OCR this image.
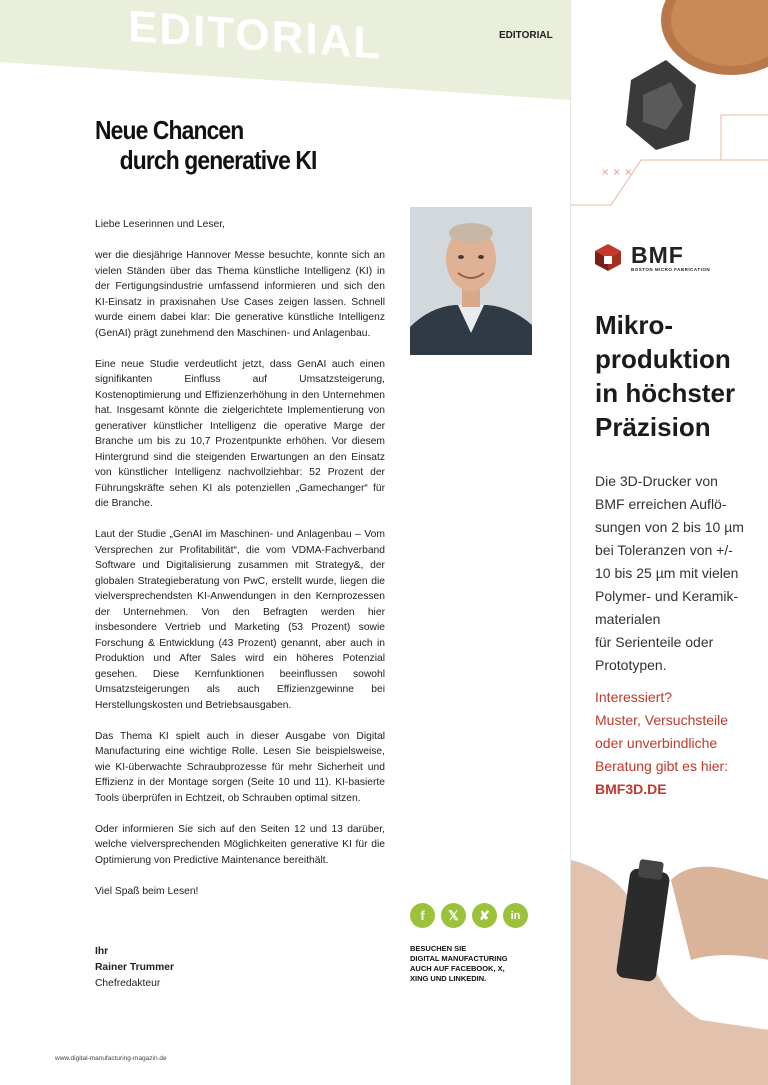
EDITORIAL	EDITORIAL
Neue Chancen
durch generative KI

Liebe Leserinnen und Leser,

wer die diesjährige Hannover Messe besuchte, konnte sich an vielen Ständen über das Thema künstliche Intelligenz (KI) in der Fertigungsindustrie umfassend informieren und sich den KI-Einsatz in praxisnahen Use Cases zeigen lassen. Schnell wurde einem dabei klar: Die generative künstliche Intelligenz (GenAI) prägt zunehmend den Maschinen- und Anlagenbau.

Eine neue Studie verdeutlicht jetzt, dass GenAI auch einen signifikanten Einfluss auf Umsatzsteigerung, Kostenoptimierung und Effizienzerhöhung in den Unternehmen hat. Insgesamt könnte die zielgerichtete Implementierung von generativer künstlicher Intelligenz die operative Marge der Branche um bis zu 10,7 Prozentpunkte erhöhen. Vor diesem Hintergrund sind die steigenden Erwartungen an den Einsatz von künstlicher Intelligenz nachvollziehbar: 52 Prozent der Führungskräfte sehen KI als potenziellen „Gamechanger“ für die Branche.

Laut der Studie „GenAI im Maschinen- und Anlagenbau – Vom Versprechen zur Profitabilität“, die vom VDMA-Fachverband Software und Digitalisierung zusammen mit Strategy&, der globalen Strategieberatung von PwC, erstellt wurde, liegen die vielversprechendsten KI-Anwendungen in den Kernprozessen der Unternehmen. Von den Befragten werden hier insbesondere Vertrieb und Marketing (53 Prozent) sowie Forschung & Entwicklung (43 Prozent) genannt, aber auch in Produktion und After Sales wird ein höheres Potenzial gesehen. Diese Kernfunktionen beeinflussen sowohl Umsatzsteigerungen als auch Effizienzgewinne bei Herstellungskosten und Betriebsausgaben.

Das Thema KI spielt auch in dieser Ausgabe von Digital Manufacturing eine wichtige Rolle. Lesen Sie beispielsweise, wie KI-überwachte Schraubprozesse für mehr Sicherheit und Effizienz in der Montage sorgen (Seite 10 und 11). KI-basierte Tools überprüfen in Echtzeit, ob Schrauben optimal sitzen.

Oder informieren Sie sich auf den Seiten 12 und 13 darüber, welche vielversprechenden Möglichkeiten generative KI für die Optimierung von Predictive Maintenance bereithält.

Viel Spaß beim Lesen!

Ihr
Rainer Trummer
Chefredakteur
f	𝕏	✘	in
BESUCHEN SIE
DIGITAL MANUFACTURING
AUCH AUF FACEBOOK, X,
XING UND LINKEDIN.
www.digital-manufacturing-magazin.de
× × ×
BMF
BOSTON MICRO FABRICATION
Mikro-
produktion
in höchster
Präzision
Die 3D-Drucker von
BMF erreichen Auflö-
sungen von 2 bis 10 µm
bei Toleranzen von +/-
10 bis 25 µm mit vielen
Polymer- und Keramik-
materialen
für Serienteile oder
Prototypen.
Interessiert?
Muster, Versuchsteile
oder unverbindliche
Beratung gibt es hier:
BMF3D.DE
